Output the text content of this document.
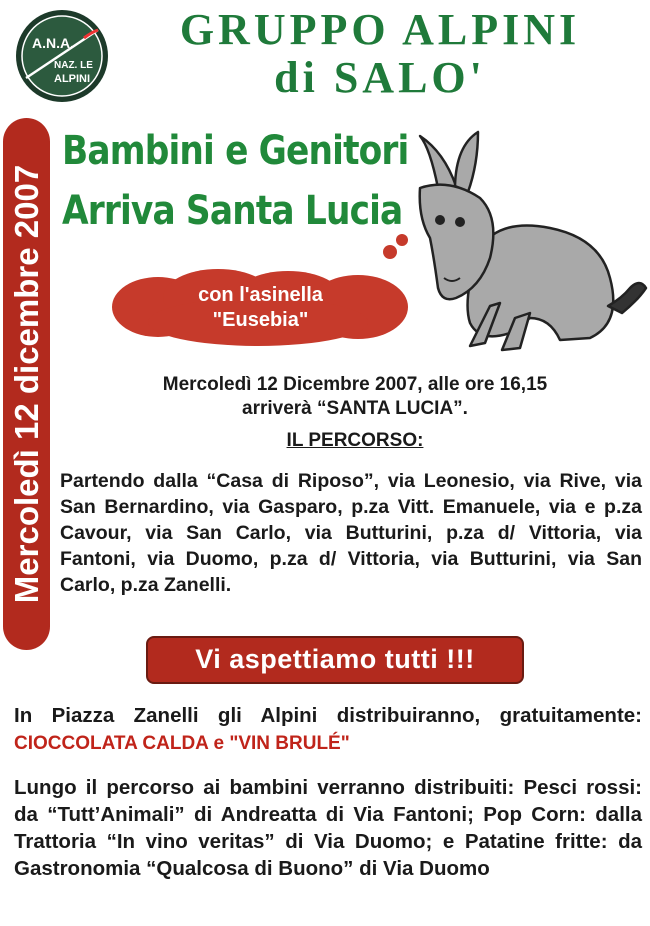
A.N.A.
NAZ. LE
ALPINI
GRUPPO ALPINI
di SALO'
Mercoledì 12 dicembre 2007
Bambini e Genitori
Arriva Santa Lucia
con l'asinella
"Eusebia"
Mercoledì 12 Dicembre 2007, alle ore 16,15
arriverà “SANTA LUCIA”.
IL PERCORSO:
Partendo dalla “Casa di Riposo”, via Leonesio, via Rive, via San Bernardino, via Gasparo, p.za Vitt. Emanuele, via e p.za Cavour, via San Carlo, via Butturini, p.za d/ Vittoria, via Fantoni, via Duomo, p.za d/ Vittoria, via Butturini, via San Carlo, p.za Zanelli.
Vi aspettiamo tutti !!!
In Piazza Zanelli gli Alpini distribuiranno, gratuitamente: CIOCCOLATA CALDA e "VIN BRULÉ"
Lungo il percorso ai bambini verranno distribuiti: Pesci rossi: da “Tutt’Animali” di Andreatta di Via Fantoni; Pop Corn: dalla Trattoria “In vino veritas” di Via Duomo; e Patatine fritte: da Gastronomia “Qualcosa di Buono” di Via Duomo
